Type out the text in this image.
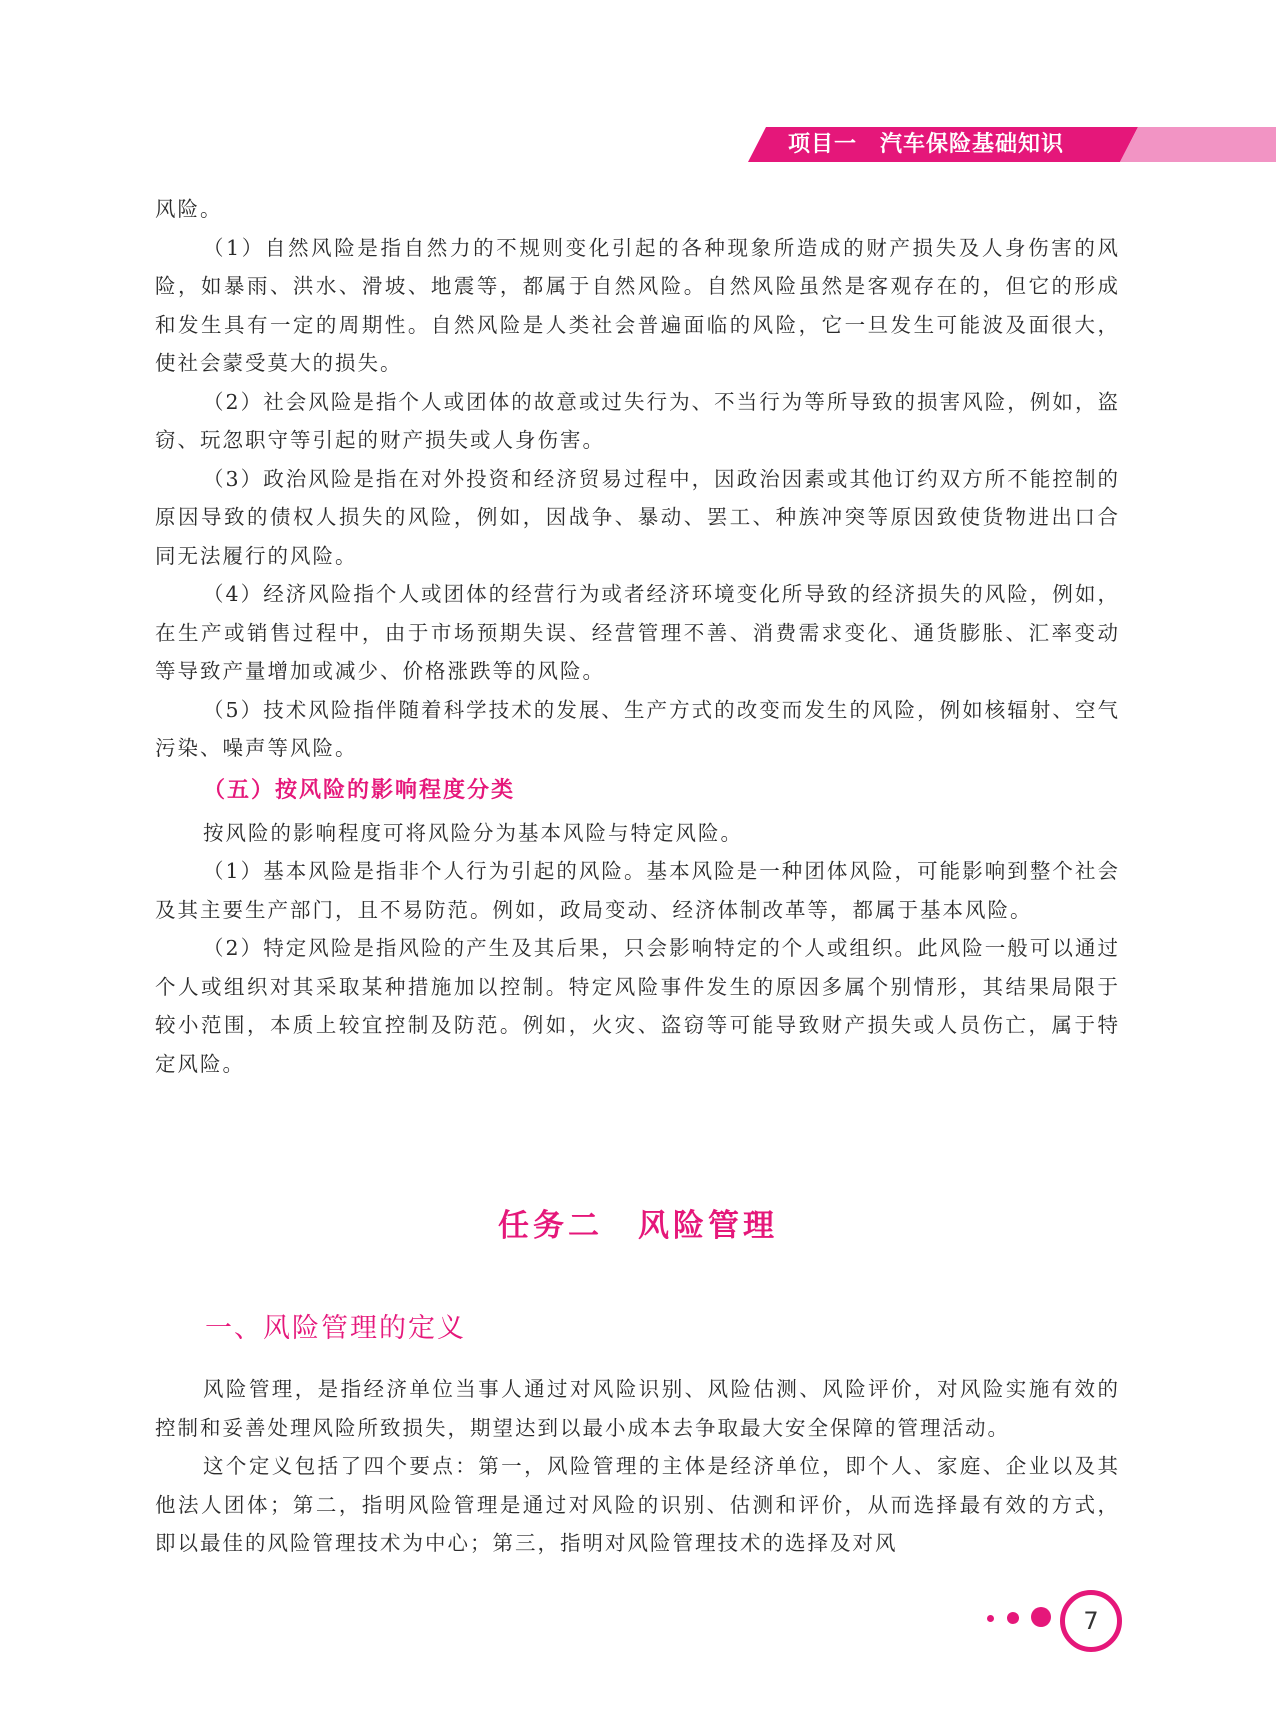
项目一　汽车保险基础知识

风险。

（1）自然风险是指自然力的不规则变化引起的各种现象所造成的财产损失及人身伤害的风险，如暴雨、洪水、滑坡、地震等，都属于自然风险。自然风险虽然是客观存在的，但它的形成和发生具有一定的周期性。自然风险是人类社会普遍面临的风险，它一旦发生可能波及面很大，使社会蒙受莫大的损失。

（2）社会风险是指个人或团体的故意或过失行为、不当行为等所导致的损害风险，例如，盗窃、玩忽职守等引起的财产损失或人身伤害。

（3）政治风险是指在对外投资和经济贸易过程中，因政治因素或其他订约双方所不能控制的原因导致的债权人损失的风险，例如，因战争、暴动、罢工、种族冲突等原因致使货物进出口合同无法履行的风险。

（4）经济风险指个人或团体的经营行为或者经济环境变化所导致的经济损失的风险，例如，在生产或销售过程中，由于市场预期失误、经营管理不善、消费需求变化、通货膨胀、汇率变动等导致产量增加或减少、价格涨跌等的风险。

（5）技术风险指伴随着科学技术的发展、生产方式的改变而发生的风险，例如核辐射、空气污染、噪声等风险。

（五）按风险的影响程度分类

按风险的影响程度可将风险分为基本风险与特定风险。

（1）基本风险是指非个人行为引起的风险。基本风险是一种团体风险，可能影响到整个社会及其主要生产部门，且不易防范。例如，政局变动、经济体制改革等，都属于基本风险。

（2）特定风险是指风险的产生及其后果，只会影响特定的个人或组织。此风险一般可以通过个人或组织对其采取某种措施加以控制。特定风险事件发生的原因多属个别情形，其结果局限于较小范围，本质上较宜控制及防范。例如，火灾、盗窃等可能导致财产损失或人员伤亡，属于特定风险。

任务二　风险管理
一、风险管理的定义

风险管理，是指经济单位当事人通过对风险识别、风险估测、风险评价，对风险实施有效的控制和妥善处理风险所致损失，期望达到以最小成本去争取最大安全保障的管理活动。

这个定义包括了四个要点：第一，风险管理的主体是经济单位，即个人、家庭、企业以及其他法人团体；第二，指明风险管理是通过对风险的识别、估测和评价，从而选择最有效的方式，即以最佳的风险管理技术为中心；第三，指明对风险管理技术的选择及对风

7
